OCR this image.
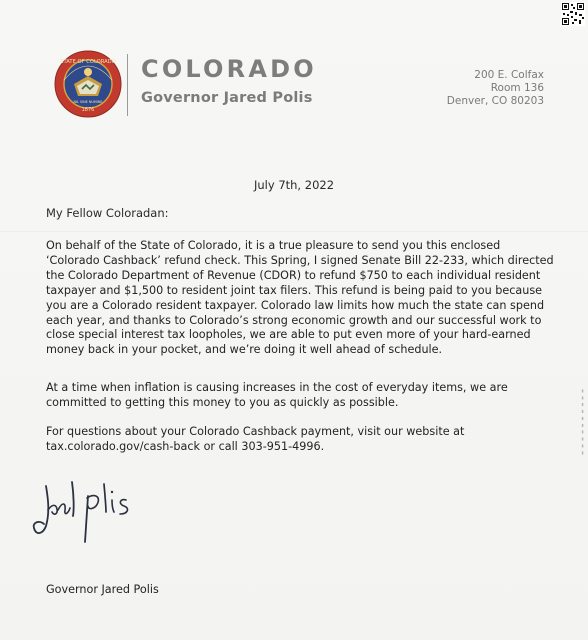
STATE OF COLORADO
1876
NIL SINE NUMINE
COLORADO
Governor Jared Polis
200 E. Colfax
Room 136
Denver, CO 80203
July 7th, 2022
My Fellow Coloradan:

On behalf of the State of Colorado, it is a true pleasure to send you this enclosed ‘Colorado Cashback’ refund check. This Spring, I signed Senate Bill 22-233, which directed the Colorado Department of Revenue (CDOR) to refund $750 to each individual resident taxpayer and $1,500 to resident joint tax filers. This refund is being paid to you because you are a Colorado resident taxpayer. Colorado law limits how much the state can spend each year, and thanks to Colorado’s strong economic growth and our successful work to close special interest tax loopholes, we are able to put even more of your hard-earned money back in your pocket, and we’re doing it well ahead of schedule.

At a time when inflation is causing increases in the cost of everyday items, we are committed to getting this money to you as quickly as possible.

For questions about your Colorado Cashback payment, visit our website at tax.colorado.gov/cash-back or call 303-951-4996.

Governor Jared Polis
▮ ▮ ▮ ▮ ▮ ▮ ▮ ▮ ▮ ▮
